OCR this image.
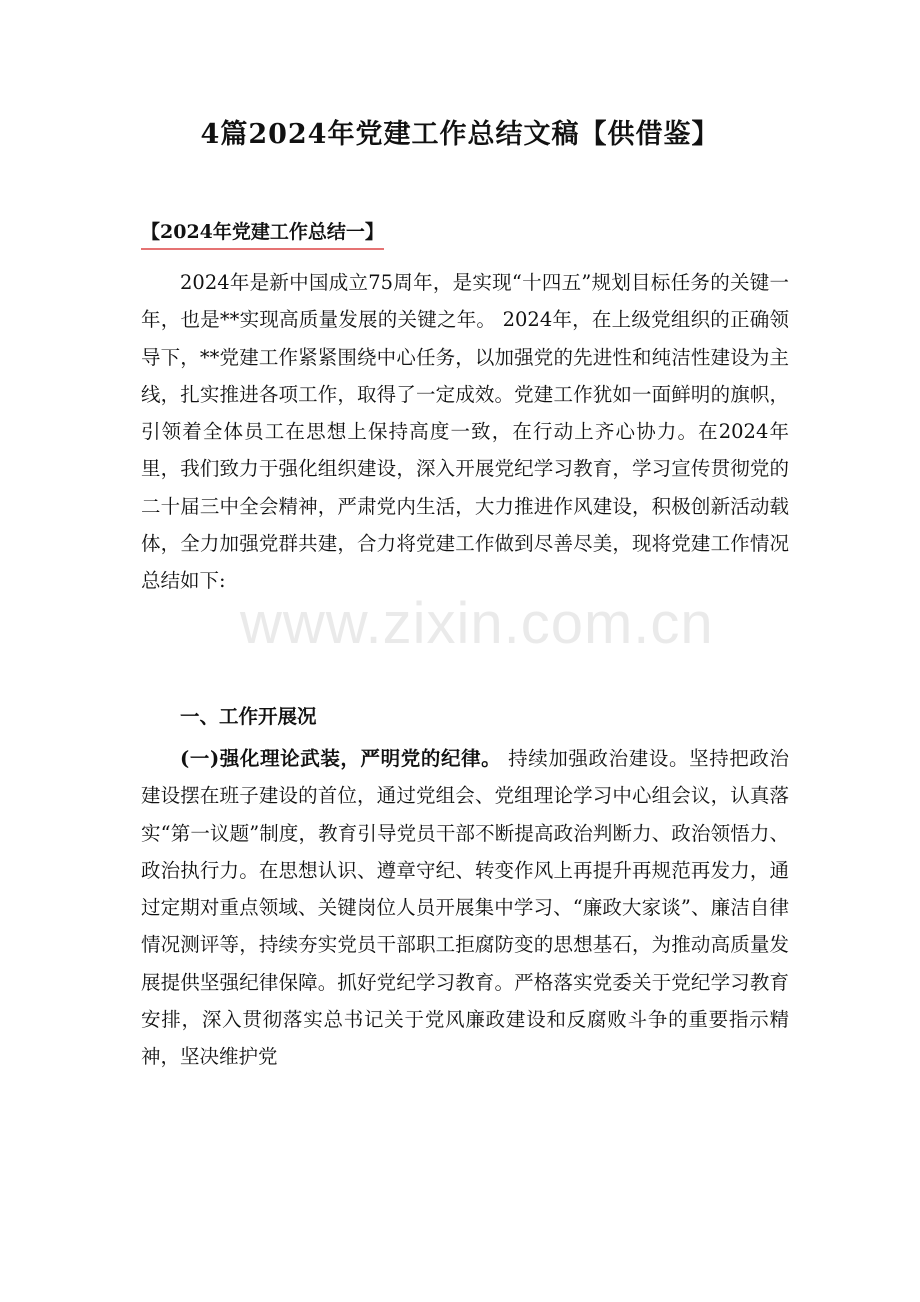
4篇2024年党建工作总结文稿【供借鉴】
【2024年党建工作总结一】

2024年是新中国成立75周年，是实现“十四五”规划目标任务的关键一年，也是**实现高质量发展的关键之年。 2024年，在上级党组织的正确领导下，**党建工作紧紧围绕中心任务，以加强党的先进性和纯洁性建设为主线，扎实推进各项工作，取得了一定成效。党建工作犹如一面鲜明的旗帜，引领着全体员工在思想上保持高度一致，在行动上齐心协力。在2024年里，我们致力于强化组织建设，深入开展党纪学习教育，学习宣传贯彻党的二十届三中全会精神，严肃党内生活，大力推进作风建设，积极创新活动载体，全力加强党群共建，合力将党建工作做到尽善尽美，现将党建工作情况总结如下:

一、工作开展况

(一)强化理论武装，严明党的纪律。 持续加强政治建设。坚持把政治建设摆在班子建设的首位，通过党组会、党组理论学习中心组会议，认真落实“第一议题”制度，教育引导党员干部不断提高政治判断力、政治领悟力、政治执行力。在思想认识、遵章守纪、转变作风上再提升再规范再发力，通过定期对重点领域、关键岗位人员开展集中学习、“廉政大家谈”、廉洁自律情况测评等，持续夯实党员干部职工拒腐防变的思想基石，为推动高质量发展提供坚强纪律保障。抓好党纪学习教育。严格落实党委关于党纪学习教育安排，深入贯彻落实总书记关于党风廉政建设和反腐败斗争的重要指示精神，坚决维护党

www.zixin.com.cn
